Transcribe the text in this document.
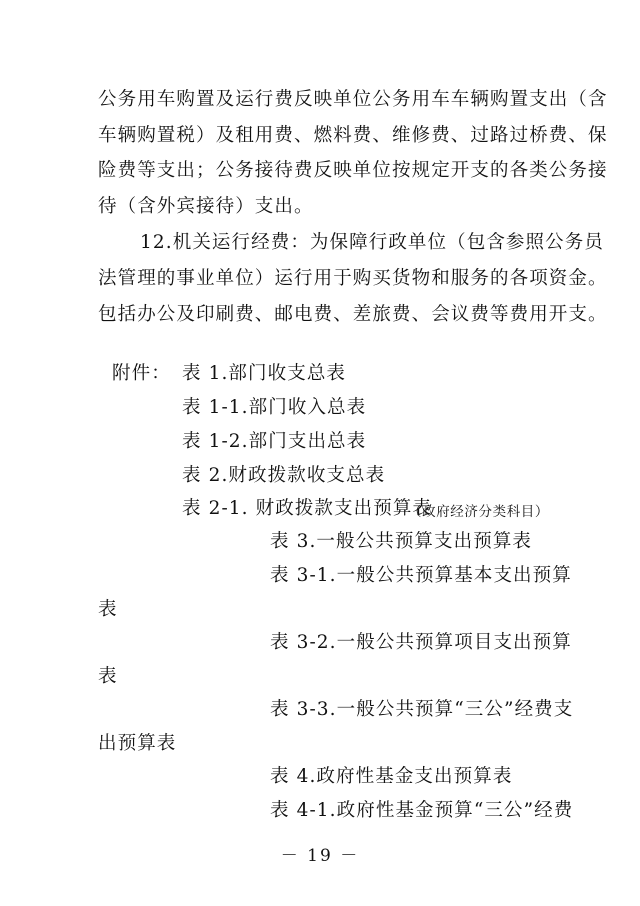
公务用车购置及运行费反映单位公务用车车辆购置支出（含
车辆购置税）及租用费、燃料费、维修费、过路过桥费、保
险费等支出；公务接待费反映单位按规定开支的各类公务接
待（含外宾接待）支出。
12.机关运行经费：为保障行政单位（包含参照公务员
法管理的事业单位）运行用于购买货物和服务的各项资金。
包括办公及印刷费、邮电费、差旅费、会议费等费用开支。
附件： 表 1.部门收支总表
表 1-1.部门收入总表
表 1-2.部门支出总表
表 2.财政拨款收支总表
表 2-1. 财政拨款支出预算表
（政府经济分类科目）
表 3.一般公共预算支出预算表
表 3-1.一般公共预算基本支出预算
表
表 3-2.一般公共预算项目支出预算
表
表 3-3.一般公共预算“三公”经费支
出预算表
表 4.政府性基金支出预算表
表 4-1.政府性基金预算“三公”经费
－ 19 －
